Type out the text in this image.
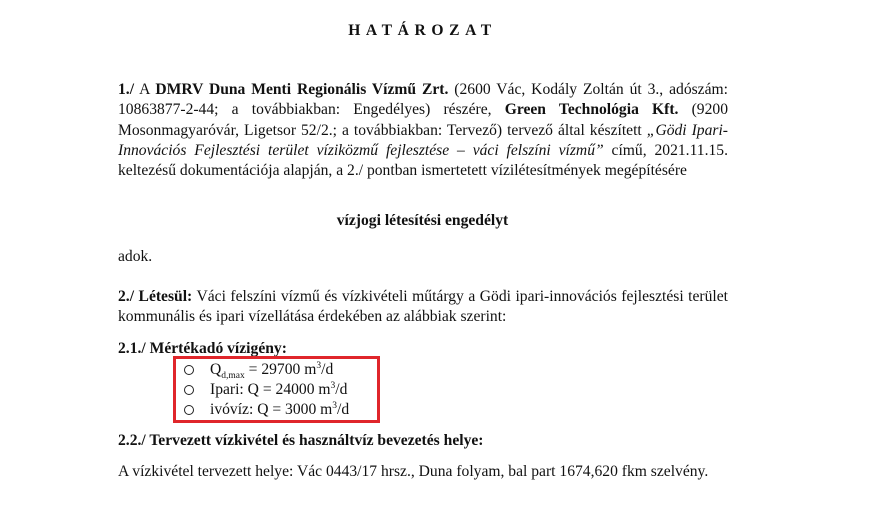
HATÁROZAT

1./ A DMRV Duna Menti Regionális Vízmű Zrt. (2600 Vác, Kodály Zoltán út 3., adószám: 10863877-2-44; a továbbiakban: Engedélyes) részére, Green Technológia Kft. (9200 Mosonmagyaróvár, Ligetsor 52/2.; a továbbiakban: Tervező) tervező által készített „Gödi Ipari-Innovációs Fejlesztési terület víziközmű fejlesztése – váci felszíni vízmű” című, 2021.11.15. keltezésű dokumentációja alapján, a 2./ pontban ismertetett vízilétesítmények megépítésére

vízjogi létesítési engedélyt
adok.

2./ Létesül: Váci felszíni vízmű és vízkivételi műtárgy a Gödi ipari-innovációs fejlesztési terület kommunális és ipari vízellátása érdekében az alábbiak szerint:

2.1./ Mértékadó vízigény:
$Q_{d,max} = 29700$ $m^3/d$
Ipari: Q = 24000 $m^3/d$
ivóvíz: Q = 3000 $m^3/d$
2.2./ Tervezett vízkivétel és használtvíz bevezetés helye:

A vízkivétel tervezett helye: Vác 0443/17 hrsz., Duna folyam, bal part 1674,620 fkm szelvény.
